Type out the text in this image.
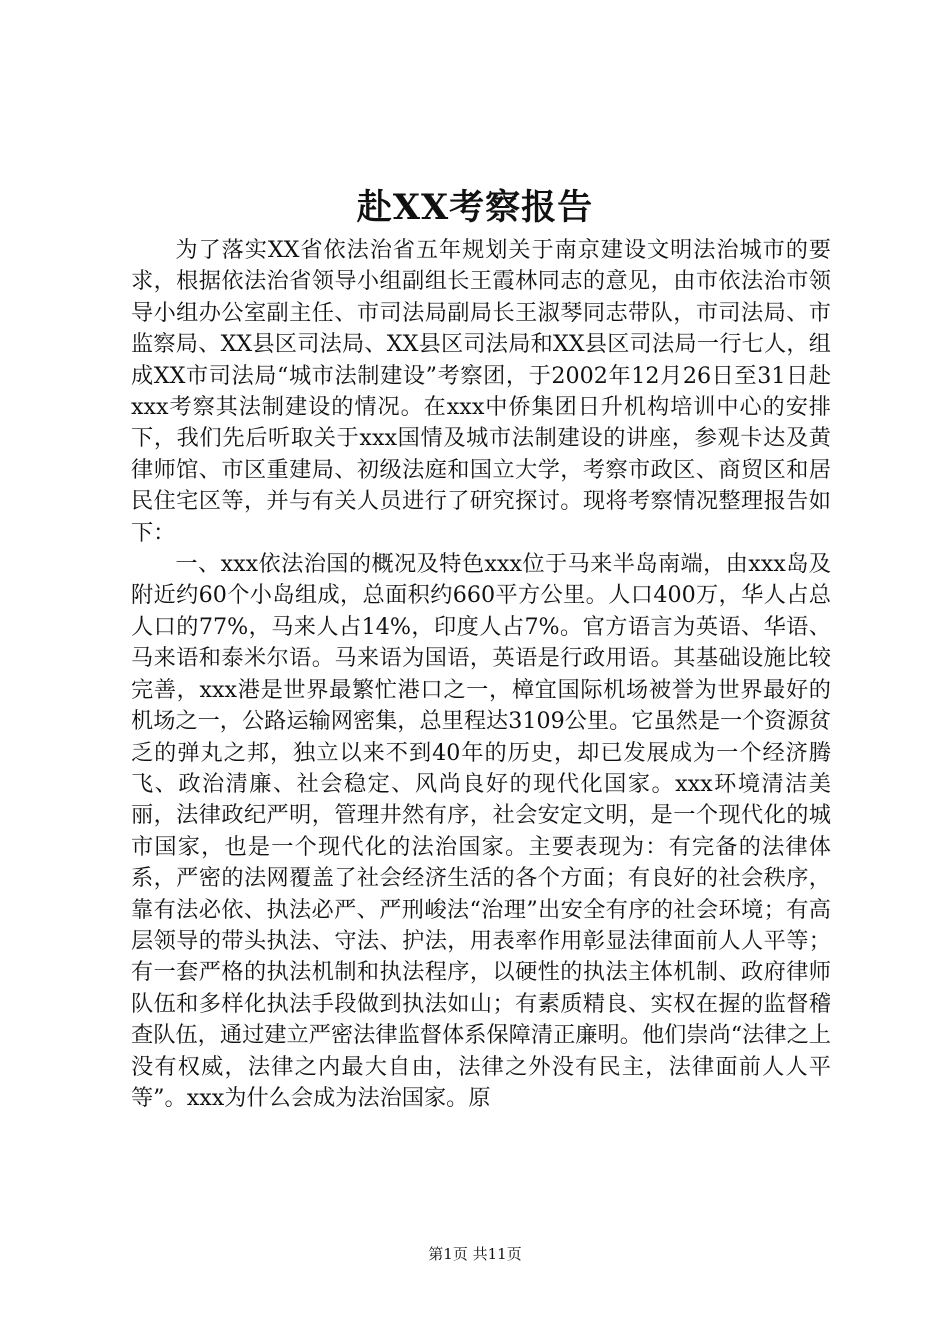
赴XX考察报告

为了落实XX省依法治省五年规划关于南京建设文明法治城市的要求，根据依法治省领导小组副组长王霞林同志的意见，由市依法治市领导小组办公室副主任、市司法局副局长王淑琴同志带队，市司法局、市监察局、XX县区司法局、XX县区司法局和XX县区司法局一行七人，组成XX市司法局“城市法制建设”考察团，于2002年12月26日至31日赴xxx考察其法制建设的情况。在xxx中侨集团日升机构培训中心的安排下，我们先后听取关于xxx国情及城市法制建设的讲座，参观卡达及黄律师馆、市区重建局、初级法庭和国立大学，考察市政区、商贸区和居民住宅区等，并与有关人员进行了研究探讨。现将考察情况整理报告如下：

一、xxx依法治国的概况及特色xxx位于马来半岛南端，由xxx岛及附近约60个小岛组成，总面积约660平方公里。人口400万，华人占总人口的77%，马来人占14%，印度人占7%。官方语言为英语、华语、马来语和泰米尔语。马来语为国语，英语是行政用语。其基础设施比较完善，xxx港是世界最繁忙港口之一，樟宜国际机场被誉为世界最好的机场之一，公路运输网密集，总里程达3109公里。它虽然是一个资源贫乏的弹丸之邦，独立以来不到40年的历史，却已发展成为一个经济腾飞、政治清廉、社会稳定、风尚良好的现代化国家。xxx环境清洁美丽，法律政纪严明，管理井然有序，社会安定文明，是一个现代化的城市国家，也是一个现代化的法治国家。主要表现为：有完备的法律体系，严密的法网覆盖了社会经济生活的各个方面；有良好的社会秩序，靠有法必依、执法必严、严刑峻法“治理”出安全有序的社会环境；有高层领导的带头执法、守法、护法，用表率作用彰显法律面前人人平等；有一套严格的执法机制和执法程序，以硬性的执法主体机制、政府律师队伍和多样化执法手段做到执法如山；有素质精良、实权在握的监督稽查队伍，通过建立严密法律监督体系保障清正廉明。他们崇尚“法律之上没有权威，法律之内最大自由，法律之外没有民主，法律面前人人平等”。xxx为什么会成为法治国家。原

第1页 共11页
